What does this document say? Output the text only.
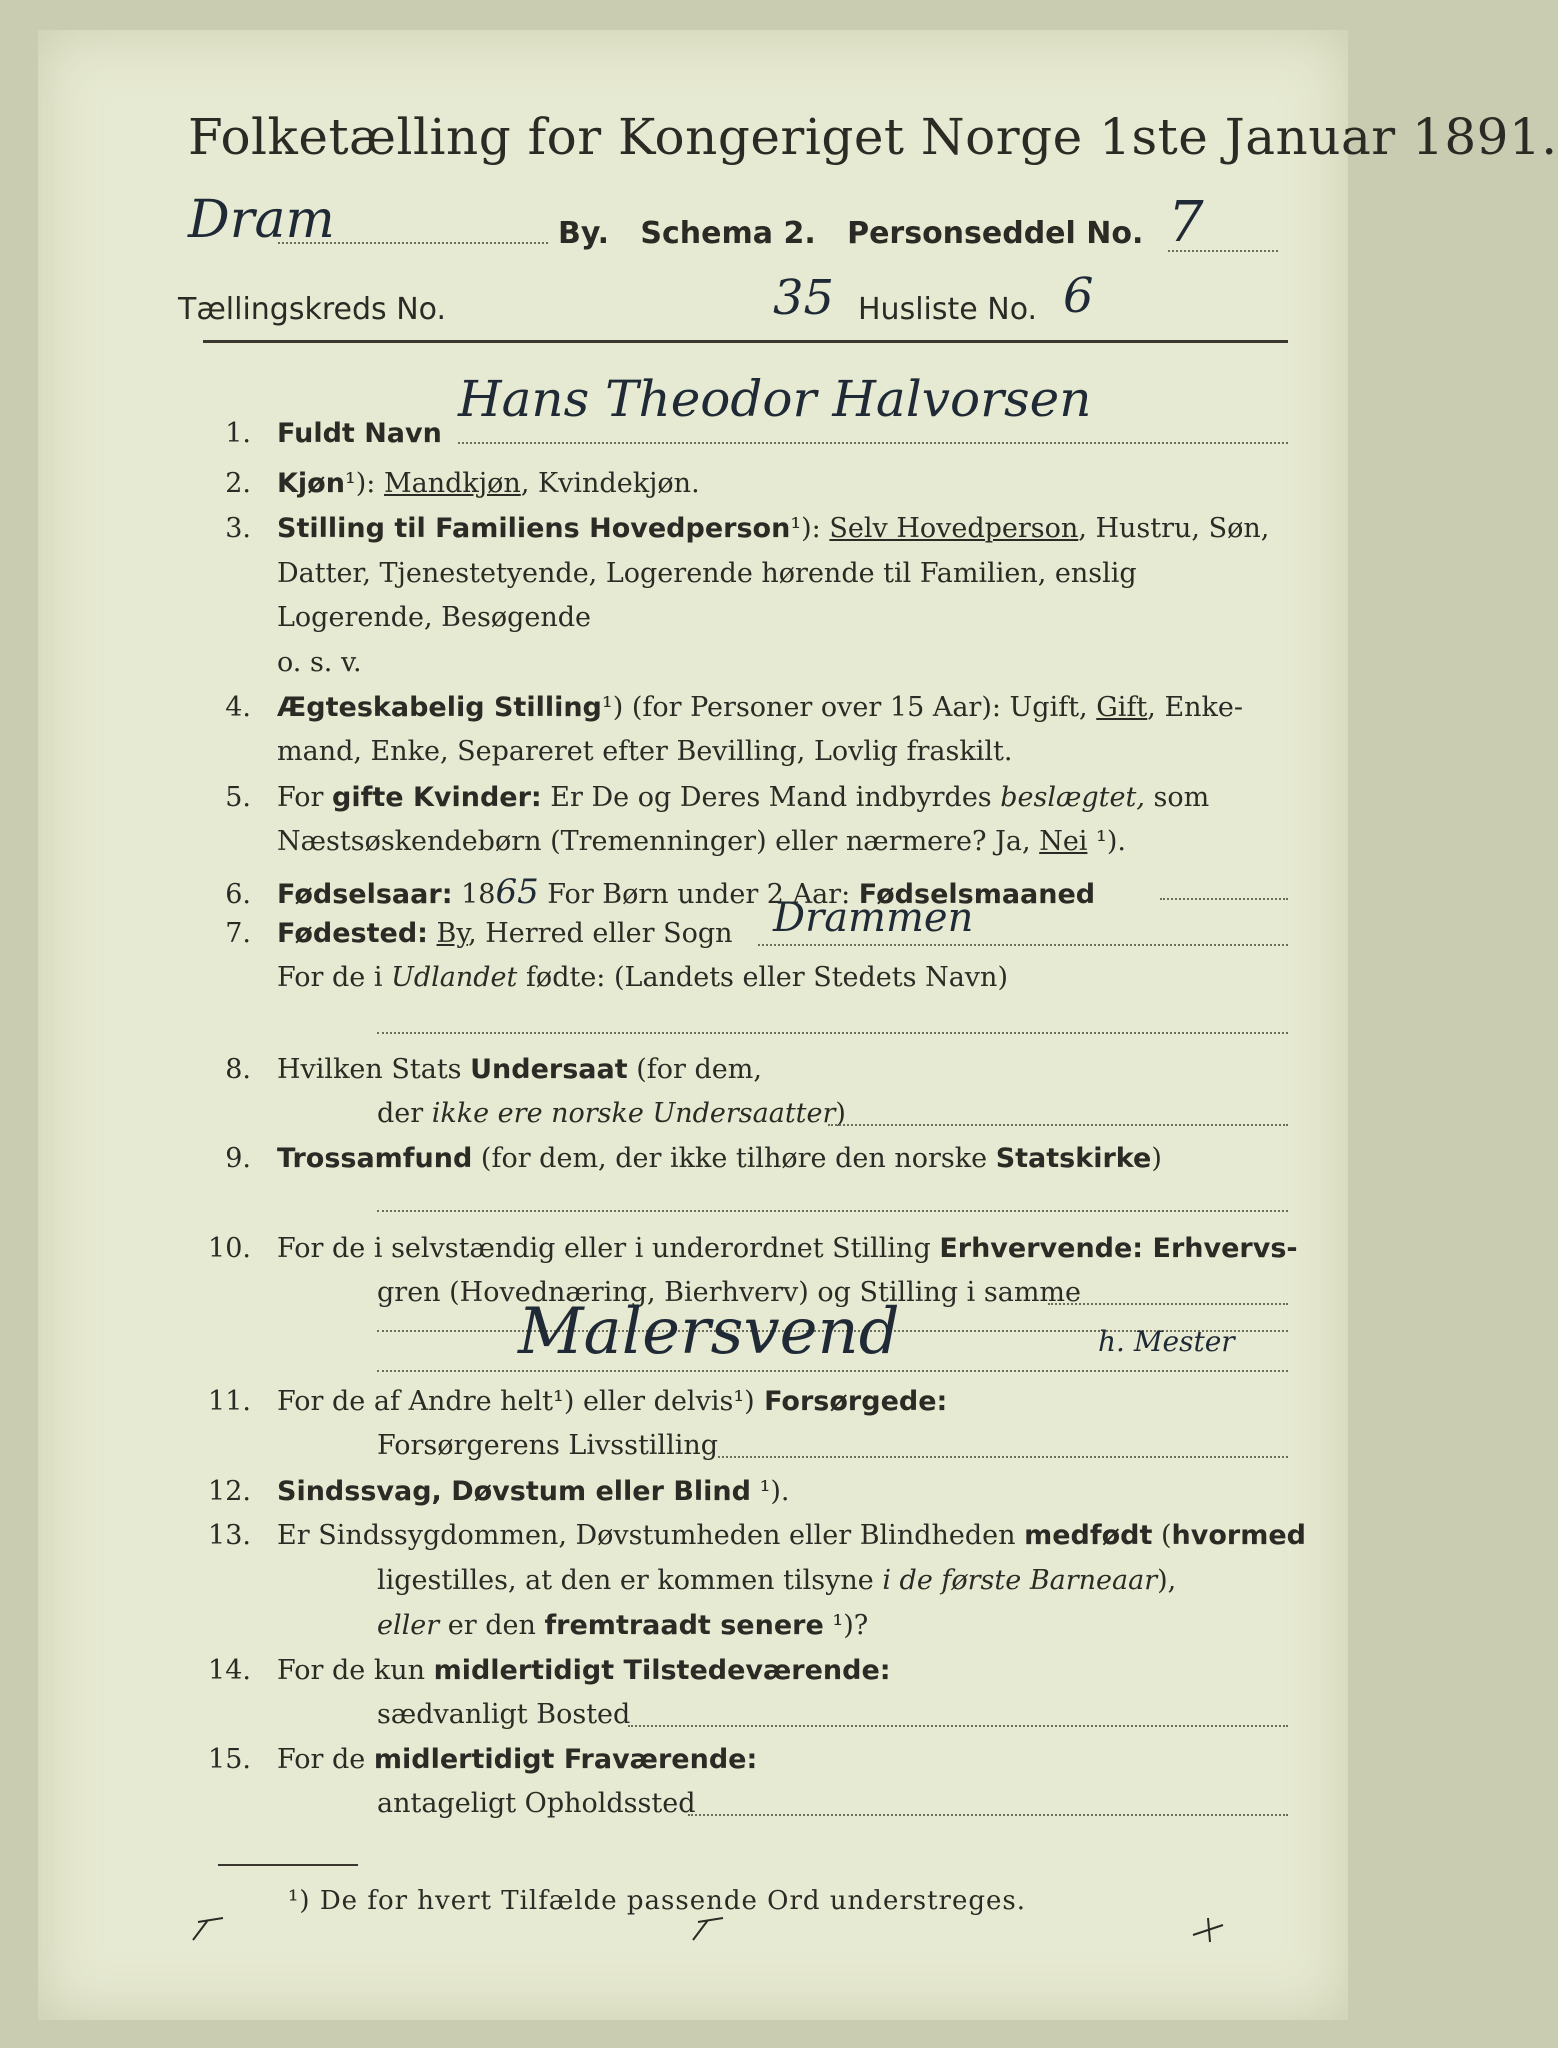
Folketælling for Kongeriget Norge 1ste Januar 1891.
Dram	By. Schema 2. Personseddel No. 7
Tællingskreds No.	35 Husliste No. 6
1. Fuldt Navn
Hans Theodor Halvorsen
2. Kjøn¹): Mandkjøn, Kvindekjøn.
3. Stilling til Familiens Hovedperson¹): Selv Hovedperson, Hustru, Søn,
Datter, Tjenestetyende, Logerende hørende til Familien, enslig
Logerende, Besøgende
o. s. v.
4. Ægteskabelig Stilling¹) (for Personer over 15 Aar): Ugift, Gift, Enke-
mand, Enke, Separeret efter Bevilling, Lovlig fraskilt.
5. For gifte Kvinder: Er De og Deres Mand indbyrdes beslægtet, som
Næstsøskendebørn (Tremenninger) eller nærmere? Ja, Nei ¹).
6. Fødselsaar: 1865 For Børn under 2 Aar: Fødselsmaaned
7. Fødested: By, Herred eller Sogn Drammen
For de i Udlandet fødte: (Landets eller Stedets Navn)
8. Hvilken Stats Undersaat (for dem,
der ikke ere norske Undersaatter)
9. Trossamfund (for dem, der ikke tilhøre den norske Statskirke)
10. For de i selvstændig eller i underordnet Stilling Erhvervende: Erhvervs-
gren (Hovednæring, Bierhverv) og Stilling i samme
Malersvend	h. Mester
11. For de af Andre helt¹) eller delvis¹) Forsørgede:
Forsørgerens Livsstilling
12. Sindssvag, Døvstum eller Blind ¹).
13. Er Sindssygdommen, Døvstumheden eller Blindheden medfødt (hvormed
ligestilles, at den er kommen tilsyne i de første Barneaar),
eller er den fremtraadt senere ¹)?
14. For de kun midlertidigt Tilstedeværende:
sædvanligt Bosted
15. For de midlertidigt Fraværende:
antageligt Opholdssted
¹) De for hvert Tilfælde passende Ord understreges.
